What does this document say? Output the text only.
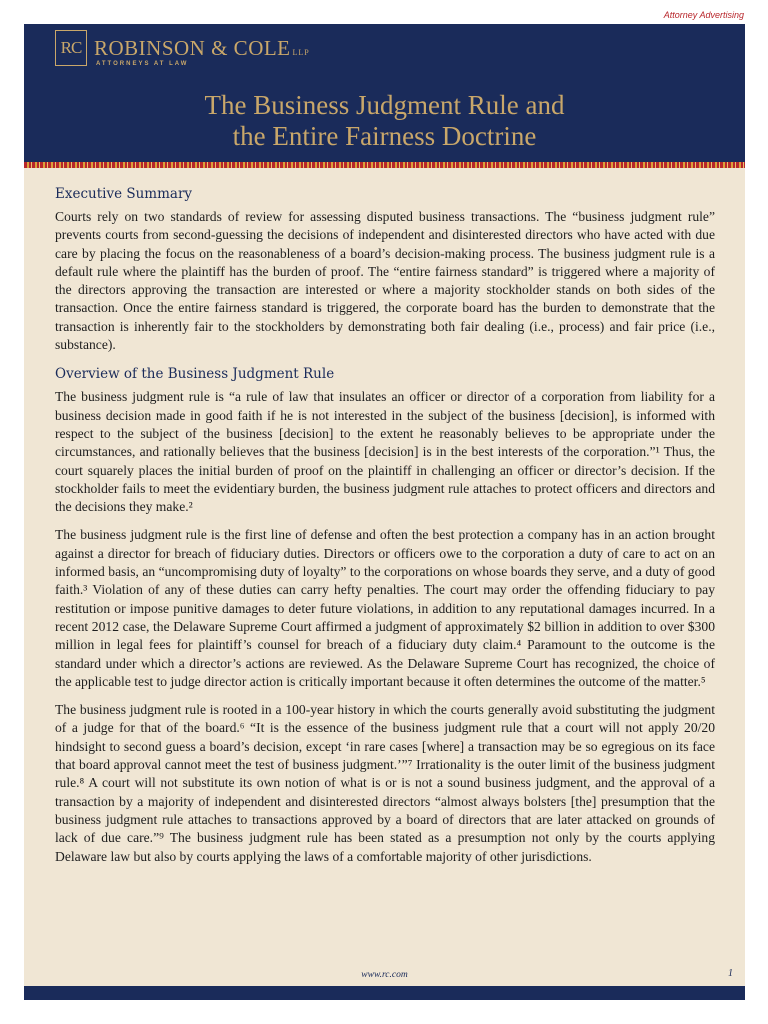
Attorney Advertising
RC ROBINSON & COLE LLP
ATTORNEYS AT LAW
The Business Judgment Rule and
the Entire Fairness Doctrine
Executive Summary

Courts rely on two standards of review for assessing disputed business transactions. The “business judgment rule” prevents courts from second-guessing the decisions of independent and disinterested directors who have acted with due care by placing the focus on the reasonableness of a board’s decision-making process. The business judgment rule is a default rule where the plaintiff has the burden of proof. The “entire fairness standard” is triggered where a majority of the directors approving the transaction are interested or where a majority stockholder stands on both sides of the transaction. Once the entire fairness standard is triggered, the corporate board has the burden to demonstrate that the transaction is inherently fair to the stockholders by demonstrating both fair dealing (i.e., process) and fair price (i.e., substance).

Overview of the Business Judgment Rule

The business judgment rule is “a rule of law that insulates an officer or director of a corporation from liability for a business decision made in good faith if he is not interested in the subject of the business [decision], is informed with respect to the subject of the business [decision] to the extent he reasonably believes to be appropriate under the circumstances, and rationally believes that the business [decision] is in the best interests of the corporation.”¹ Thus, the court squarely places the initial burden of proof on the plaintiff in challenging an officer or director’s decision. If the stockholder fails to meet the evidentiary burden, the business judgment rule attaches to protect officers and directors and the decisions they make.²

The business judgment rule is the first line of defense and often the best protection a company has in an action brought against a director for breach of fiduciary duties. Directors or officers owe to the corporation a duty of care to act on an informed basis, an “uncompromising duty of loyalty” to the corporations on whose boards they serve, and a duty of good faith.³ Violation of any of these duties can carry hefty penalties. The court may order the offending fiduciary to pay restitution or impose punitive damages to deter future violations, in addition to any reputational damages incurred. In a recent 2012 case, the Delaware Supreme Court affirmed a judgment of approximately $2 billion in addition to over $300 million in legal fees for plaintiff’s counsel for breach of a fiduciary duty claim.⁴ Paramount to the outcome is the standard under which a director’s actions are reviewed. As the Delaware Supreme Court has recognized, the choice of the applicable test to judge director action is critically important because it often determines the outcome of the matter.⁵

The business judgment rule is rooted in a 100-year history in which the courts generally avoid substituting the judgment of a judge for that of the board.⁶ “It is the essence of the business judgment rule that a court will not apply 20/20 hindsight to second guess a board’s decision, except ‘in rare cases [where] a transaction may be so egregious on its face that board approval cannot meet the test of business judgment.’”⁷ Irrationality is the outer limit of the business judgment rule.⁸ A court will not substitute its own notion of what is or is not a sound business judgment, and the approval of a transaction by a majority of independent and disinterested directors “almost always bolsters [the] presumption that the business judgment rule attaches to transactions approved by a board of directors that are later attacked on grounds of lack of due care.”⁹ The business judgment rule has been stated as a presumption not only by the courts applying Delaware law but also by courts applying the laws of a comfortable majority of other jurisdictions.

www.rc.com	1
